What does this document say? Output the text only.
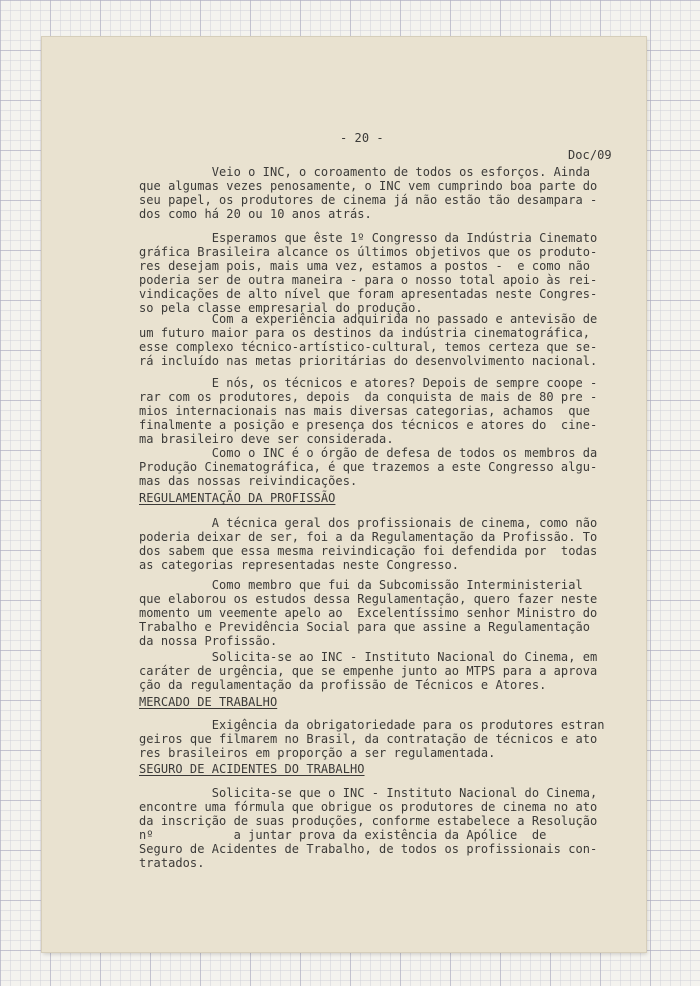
- 20 -
Doc/09
Veio o INC, o coroamento de todos os esforços. Ainda
que algumas vezes penosamente, o INC vem cumprindo boa parte do
seu papel, os produtores de cinema já não estão tão desampara -
dos como há 20 ou 10 anos atrás.
Esperamos que êste 1º Congresso da Indústria Cinemato
gráfica Brasileira alcance os últimos objetivos que os produto-
res desejam pois, mais uma vez, estamos a postos -  e como não
poderia ser de outra maneira - para o nosso total apoio às rei-
vindicações de alto nível que foram apresentadas neste Congres-
so pela classe empresarial do produção.
Com a experiência adquirida no passado e antevisão de
um futuro maior para os destinos da indústria cinematográfica,
esse complexo técnico-artístico-cultural, temos certeza que se-
rá incluído nas metas prioritárias do desenvolvimento nacional.
E nós, os técnicos e atores? Depois de sempre coope -
rar com os produtores, depois  da conquista de mais de 80 pre -
mios internacionais nas mais diversas categorias, achamos  que
finalmente a posição e presença dos técnicos e atores do  cine-
ma brasileiro deve ser considerada.
Como o INC é o órgão de defesa de todos os membros da
Produção Cinematográfica, é que trazemos a este Congresso algu-
mas das nossas reivindicações.
REGULAMENTAÇÃO DA PROFISSÃO
A técnica geral dos profissionais de cinema, como não
poderia deixar de ser, foi a da Regulamentação da Profissão. To
dos sabem que essa mesma reivindicação foi defendida por  todas
as categorias representadas neste Congresso.
Como membro que fui da Subcomissão Interministerial
que elaborou os estudos dessa Regulamentação, quero fazer neste
momento um veemente apelo ao  Excelentíssimo senhor Ministro do
Trabalho e Previdência Social para que assine a Regulamentação
da nossa Profissão.
Solicita-se ao INC - Instituto Nacional do Cinema, em
caráter de urgência, que se empenhe junto ao MTPS para a aprova
ção da regulamentação da profissão de Técnicos e Atores.
MERCADO DE TRABALHO
Exigência da obrigatoriedade para os produtores estran
geiros que filmarem no Brasil, da contratação de técnicos e ato
res brasileiros em proporção a ser regulamentada.
SEGURO DE ACIDENTES DO TRABALHO
Solicita-se que o INC - Instituto Nacional do Cinema,
encontre uma fórmula que obrigue os produtores de cinema no ato
da inscrição de suas produções, conforme estabelece a Resolução
nº           a juntar prova da existência da Apólice  de
Seguro de Acidentes de Trabalho, de todos os profissionais con-
tratados.
